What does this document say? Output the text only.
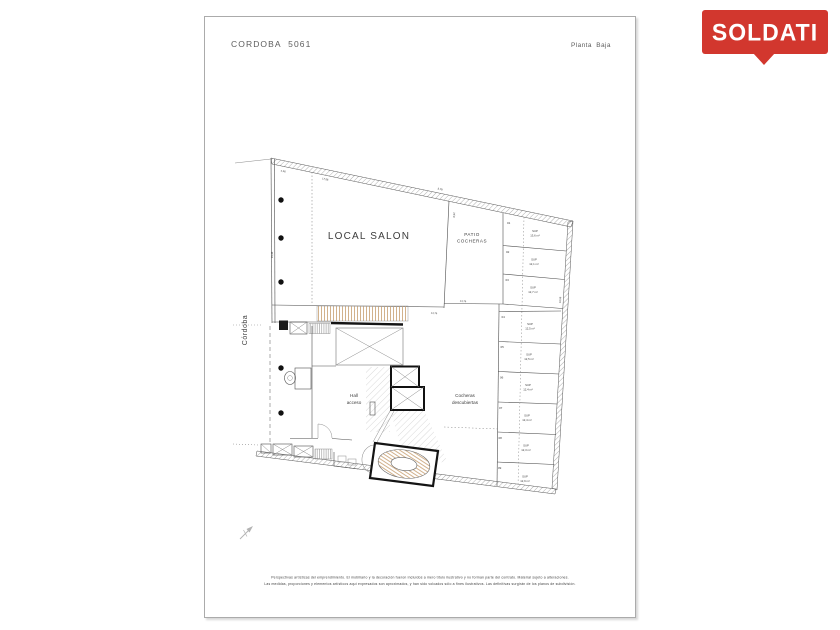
CORDOBA  5061	Planta  Baja
SOLDATI
LOCAL SALON	PATIO
COCHERAS
01
SUP
13,6 m²
02
SUP
12,1 m²
03
SUP
12,7 m²
04
SUP
12,5 m²
05
SUP
12,5 m²
06
SUP
12,4 m²
07
SUP
12,4 m²
08
SUP
12,3 m²
09
SUP
12,9 m²
Cocheras
descubiertas
Hall
acceso
Córdoba
4,96
17,56
5,78
13,46
8,92
13,76
14,76
10,56
Perspectivas artísticas del emprendimiento. El mobiliario y la decoración fueron incluidos a mero título ilustrativo y no forman parte del contrato. Material sujeto a alteraciones.
Las medidas, proporciones y elementos artísticos aquí expresados son aproximados, y han sido volcados sólo a fines ilustrativos. Las definitivas surgirán de los planos de subdivisión.
